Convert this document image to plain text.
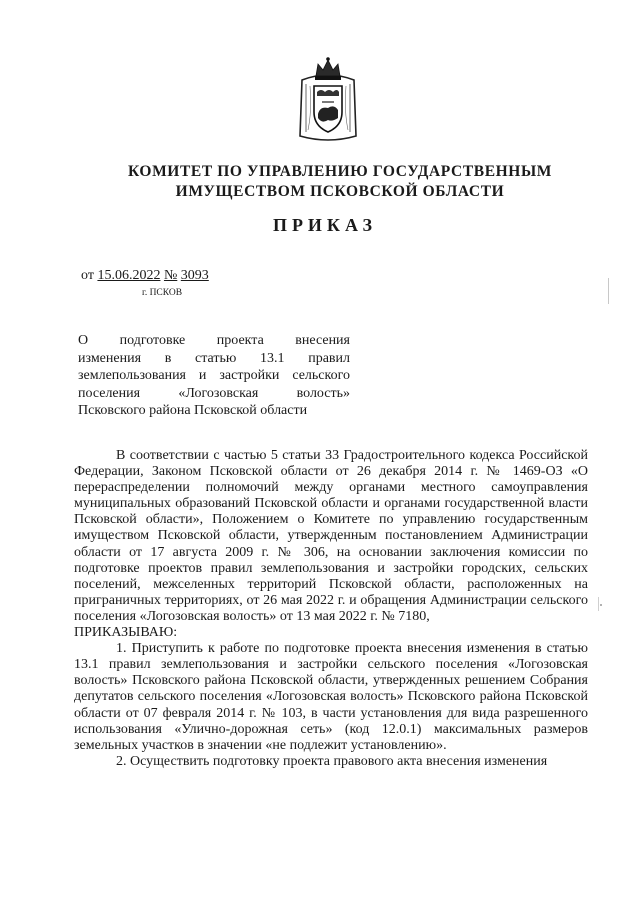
КОМИТЕТ ПО УПРАВЛЕНИЮ ГОСУДАРСТВЕННЫМ
ИМУЩЕСТВОМ ПСКОВСКОЙ ОБЛАСТИ
ПРИКАЗ
от 15.06.2022 № 3093
г. ПСКОВ
О подготовке проекта внесения
изменения в статью 13.1 правил
землепользования и застройки сельского
поселения «Логозовская волость»
Псковского района Псковской области

В соответствии с частью 5 статьи 33 Градостроительного кодекса Российской Федерации, Законом Псковской области от 26 декабря 2014 г. № 1469-ОЗ «О перераспределении полномочий между органами местного самоуправления муниципальных образований Псковской области и органами государственной власти Псковской области», Положением о Комитете по управлению государственным имуществом Псковской области, утвержденным постановлением Администрации области от 17 августа 2009 г. № 306, на основании заключения комиссии по подготовке проектов правил землепользования и застройки городских, сельских поселений, межселенных территорий Псковской области, расположенных на приграничных территориях, от 26 мая 2022 г. и обращения Администрации сельского поселения «Логозовская волость» от 13 мая 2022 г. № 7180,

ПРИКАЗЫВАЮ:

1. Приступить к работе по подготовке проекта внесения изменения в статью 13.1 правил землепользования и застройки сельского поселения «Логозовская волость» Псковского района Псковской области, утвержденных решением Собрания депутатов сельского поселения «Логозовская волость» Псковского района Псковской области от 07 февраля 2014 г. № 103, в части установления для вида разрешенного использования «Улично-дорожная сеть» (код 12.0.1) максимальных размеров земельных участков в значении «не подлежит установлению».

2. Осуществить подготовку проекта правового акта внесения изменения
